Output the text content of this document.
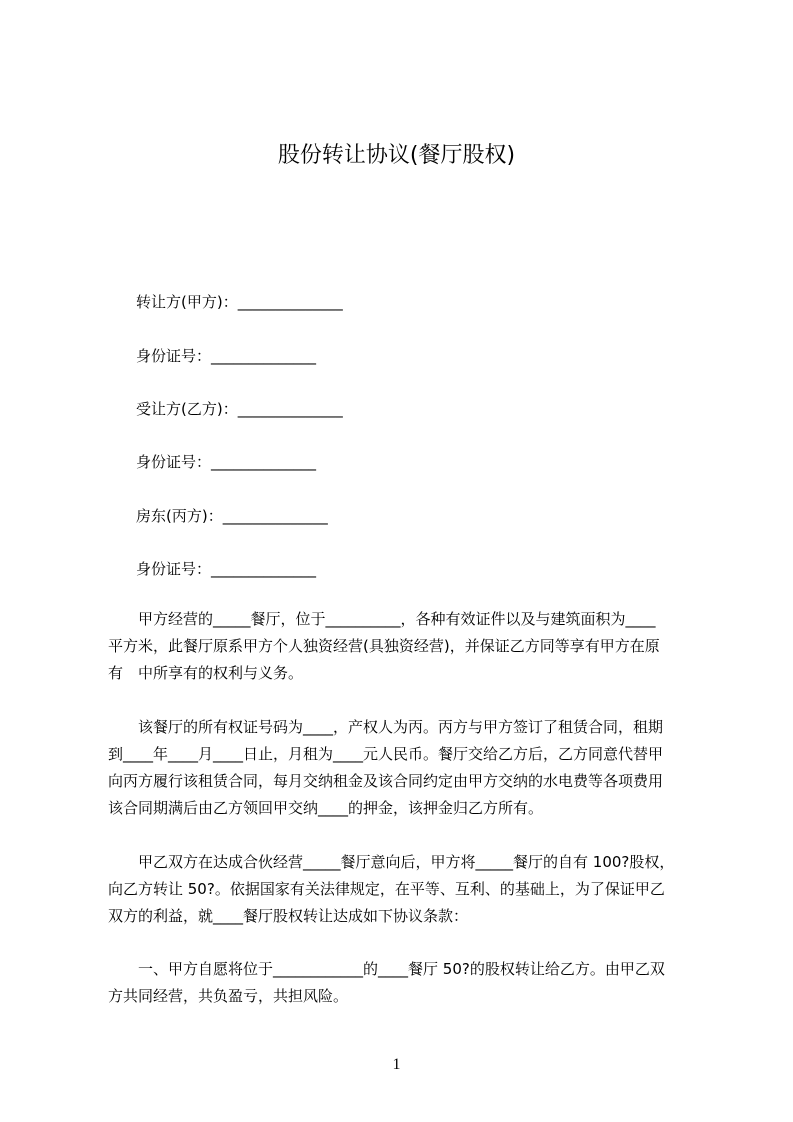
股份转让协议(餐厅股权)
转让方(甲方)：______________
身份证号：______________
受让方(乙方)：______________
身份证号：______________
房东(丙方)：______________
身份证号：______________
甲方经营的_____餐厅，位于__________，各种有效证件以及与建筑面积为____
平方米，此餐厅原系甲方个人独资经营(具独资经营)，并保证乙方同等享有甲方在原
有　中所享有的权利与义务。
该餐厅的所有权证号码为____，产权人为丙。丙方与甲方签订了租赁合同，租期
到____年____月____日止，月租为____元人民币。餐厅交给乙方后，乙方同意代替甲
向丙方履行该租赁合同，每月交纳租金及该合同约定由甲方交纳的水电费等各项费用
该合同期满后由乙方领回甲交纳____的押金，该押金归乙方所有。
甲乙双方在达成合伙经营_____餐厅意向后，甲方将_____餐厅的自有 100?股权，
向乙方转让 50?。依据国家有关法律规定，在平等、互利、的基础上，为了保证甲乙
双方的利益，就____餐厅股权转让达成如下协议条款：
一、甲方自愿将位于____________的____餐厅 50?的股权转让给乙方。由甲乙双
方共同经营，共负盈亏，共担风险。
1
